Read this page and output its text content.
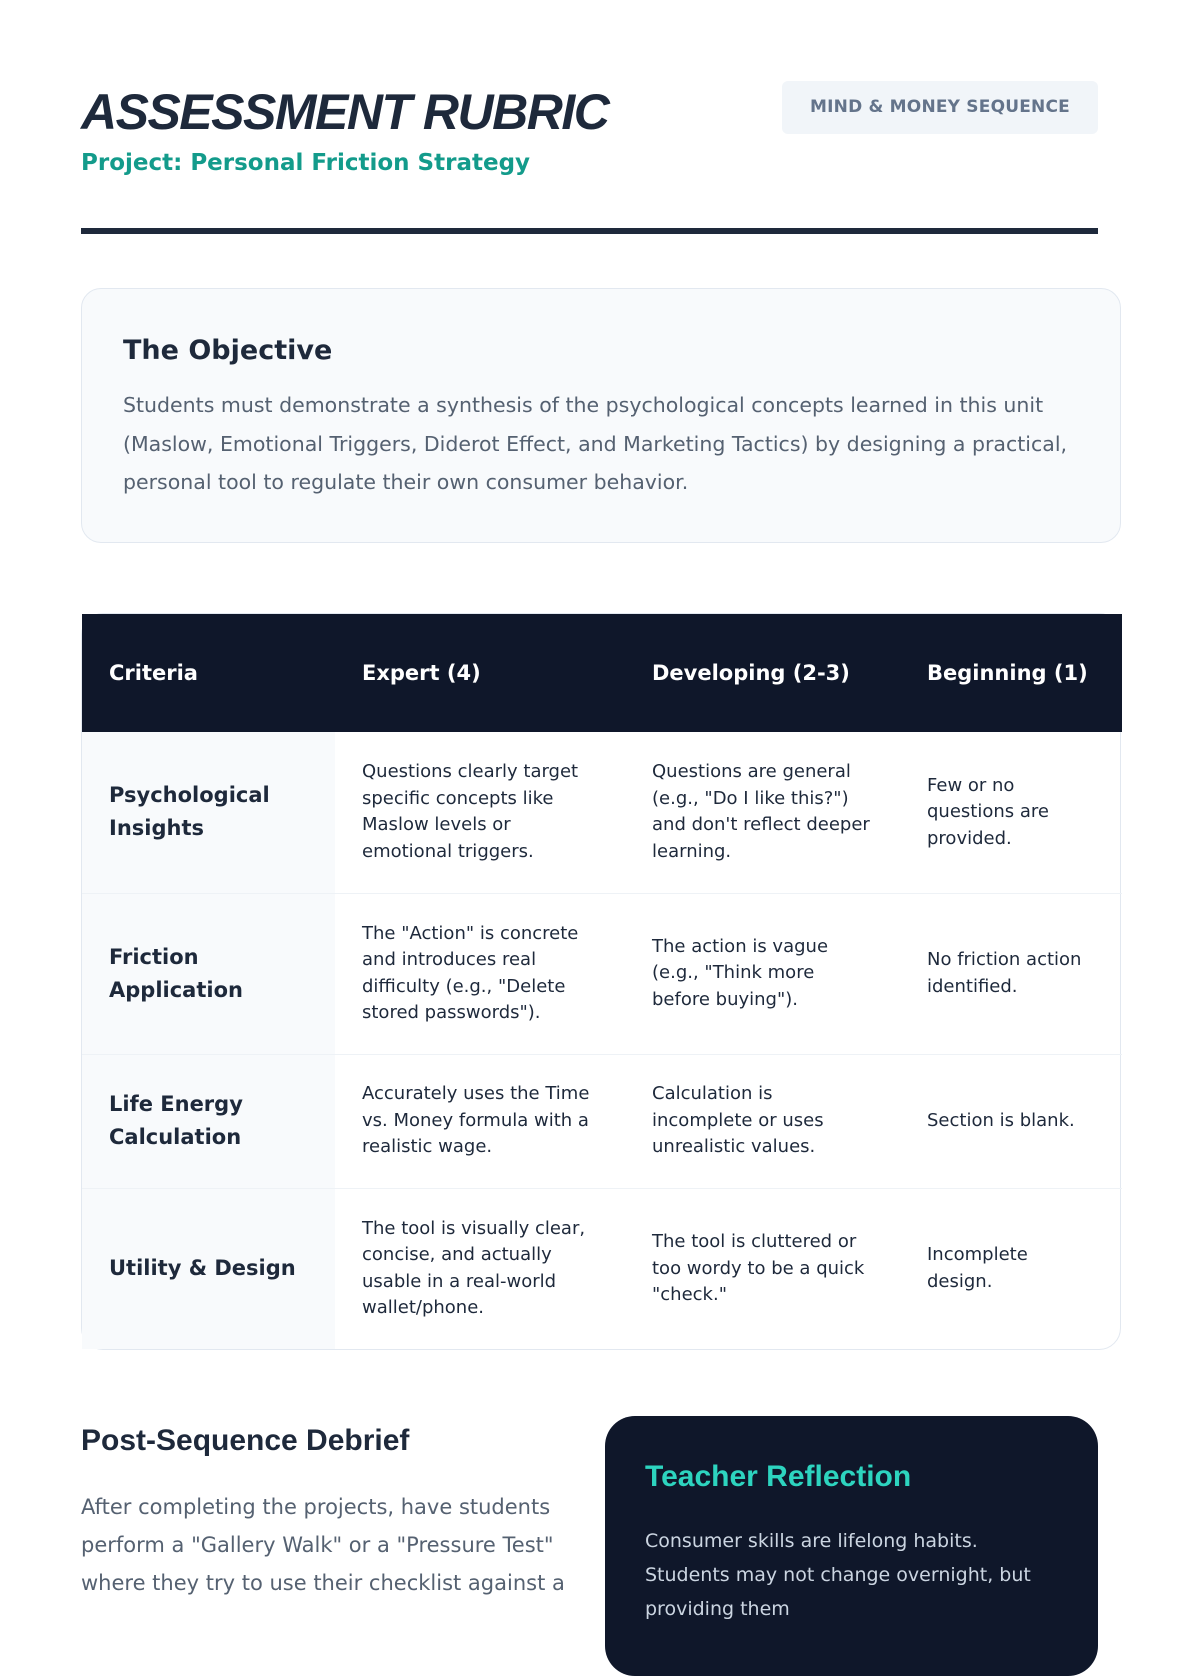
ASSESSMENT RUBRIC
Project: Personal Friction Strategy
MIND & MONEY SEQUENCE
The Objective

Students must demonstrate a synthesis of the psychological concepts learned in this unit (Maslow, Emotional Triggers, Diderot Effect, and Marketing Tactics) by designing a practical, personal tool to regulate their own consumer behavior.

Criteria	Expert (4)	Developing (2-3)	Beginning (1)
Psychological Insights	Questions clearly target specific concepts like Maslow levels or emotional triggers.	Questions are general (e.g., "Do I like this?") and don't reflect deeper learning.	Few or no questions are provided.
Friction Application	The "Action" is concrete and introduces real difficulty (e.g., "Delete stored passwords").	The action is vague (e.g., "Think more before buying").	No friction action identified.
Life Energy Calculation	Accurately uses the Time vs. Money formula with a realistic wage.	Calculation is incomplete or uses unrealistic values.	Section is blank.
Utility & Design	The tool is visually clear, concise, and actually usable in a real-world wallet/phone.	The tool is cluttered or too wordy to be a quick "check."	Incomplete design.
Post-Sequence Debrief

After completing the projects, have students perform a "Gallery Walk" or a "Pressure Test" where they try to use their checklist against a

Teacher Reflection

Consumer skills are lifelong habits. Students may not change overnight, but providing them
